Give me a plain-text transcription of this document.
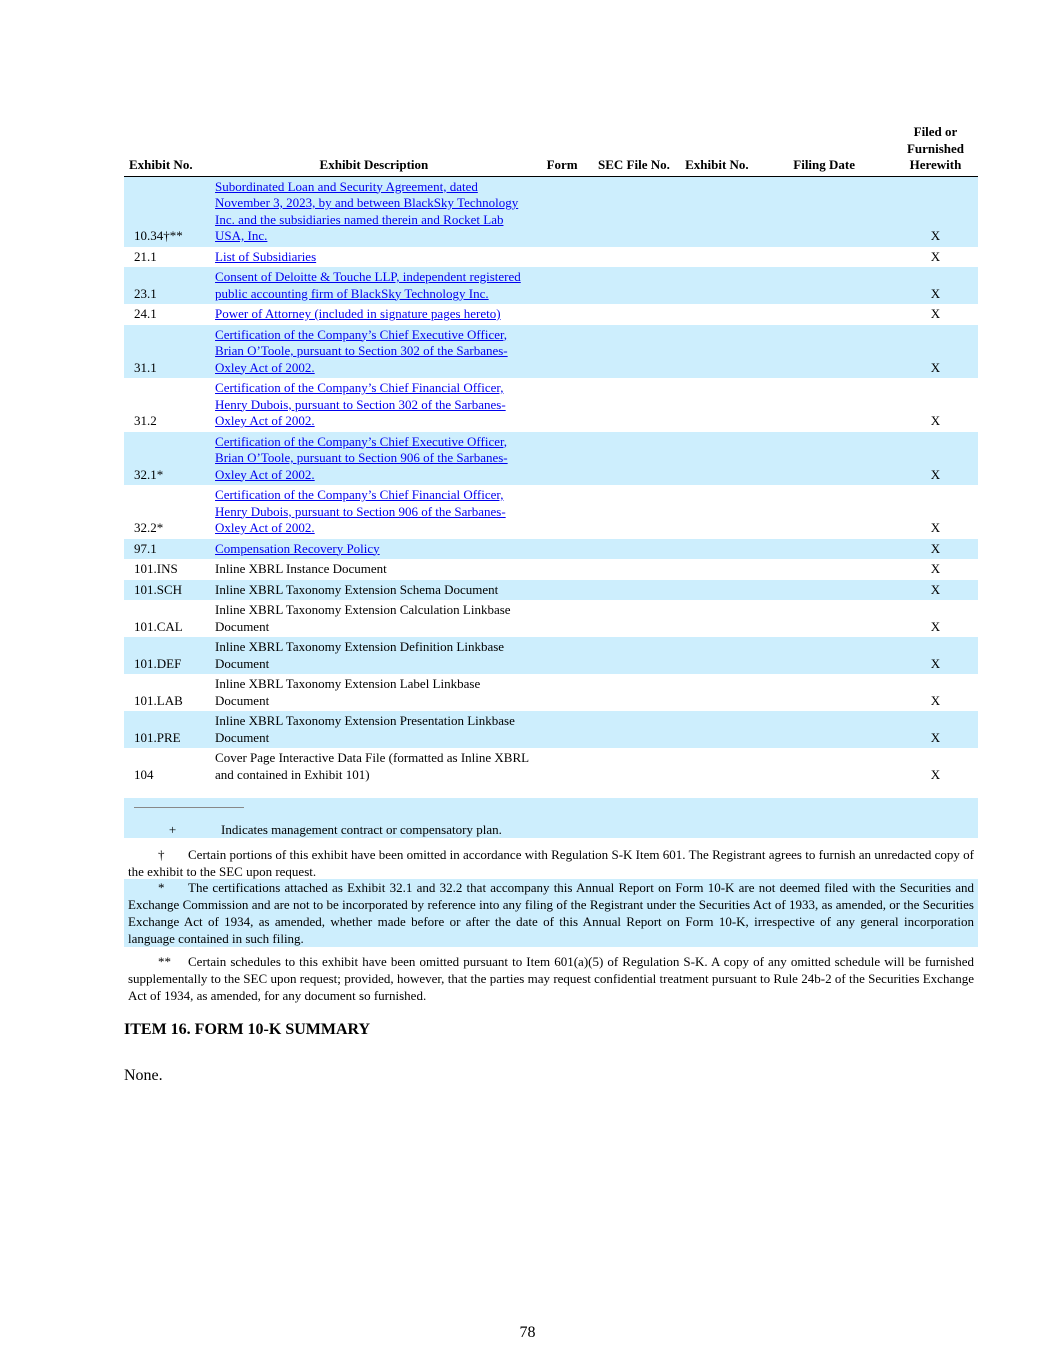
Exhibit No.	Exhibit Description	Form	SEC File No.	Exhibit No.	Filing Date	Filed or
Furnished
Herewith
10.34†**	Subordinated Loan and Security Agreement, dated November 3, 2023, by and between BlackSky Technology Inc. and the subsidiaries named therein and Rocket Lab USA, Inc.					X
21.1	List of Subsidiaries					X
23.1	Consent of Deloitte & Touche LLP, independent registered public accounting firm of BlackSky Technology Inc.					X
24.1	Power of Attorney (included in signature pages hereto)					X
31.1	Certification of the Company’s Chief Executive Officer, Brian O’Toole, pursuant to Section 302 of the Sarbanes-Oxley Act of 2002.					X
31.2	Certification of the Company’s Chief Financial Officer, Henry Dubois, pursuant to Section 302 of the Sarbanes-Oxley Act of 2002.					X
32.1*	Certification of the Company’s Chief Executive Officer, Brian O’Toole, pursuant to Section 906 of the Sarbanes-Oxley Act of 2002.					X
32.2*	Certification of the Company’s Chief Financial Officer, Henry Dubois, pursuant to Section 906 of the Sarbanes-Oxley Act of 2002.					X
97.1	Compensation Recovery Policy					X
101.INS	Inline XBRL Instance Document					X
101.SCH	Inline XBRL Taxonomy Extension Schema Document					X
101.CAL	Inline XBRL Taxonomy Extension Calculation Linkbase Document					X
101.DEF	Inline XBRL Taxonomy Extension Definition Linkbase Document					X
101.LAB	Inline XBRL Taxonomy Extension Label Linkbase Document					X
101.PRE	Inline XBRL Taxonomy Extension Presentation Linkbase Document					X
104	Cover Page Interactive Data File (formatted as Inline XBRL and contained in Exhibit 101)					X
+	Indicates management contract or compensatory plan.
† Certain portions of this exhibit have been omitted in accordance with Regulation S-K Item 601. The Registrant agrees to furnish an unredacted copy of the exhibit to the SEC upon request.
* The certifications attached as Exhibit 32.1 and 32.2 that accompany this Annual Report on Form 10-K are not deemed filed with the Securities and Exchange Commission and are not to be incorporated by reference into any filing of the Registrant under the Securities Act of 1933, as amended, or the Securities Exchange Act of 1934, as amended, whether made before or after the date of this Annual Report on Form 10-K, irrespective of any general incorporation language contained in such filing.
** Certain schedules to this exhibit have been omitted pursuant to Item 601(a)(5) of Regulation S-K. A copy of any omitted schedule will be furnished supplementally to the SEC upon request; provided, however, that the parties may request confidential treatment pursuant to Rule 24b-2 of the Securities Exchange Act of 1934, as amended, for any document so furnished.
ITEM 16. FORM 10-K SUMMARY
None.
78
